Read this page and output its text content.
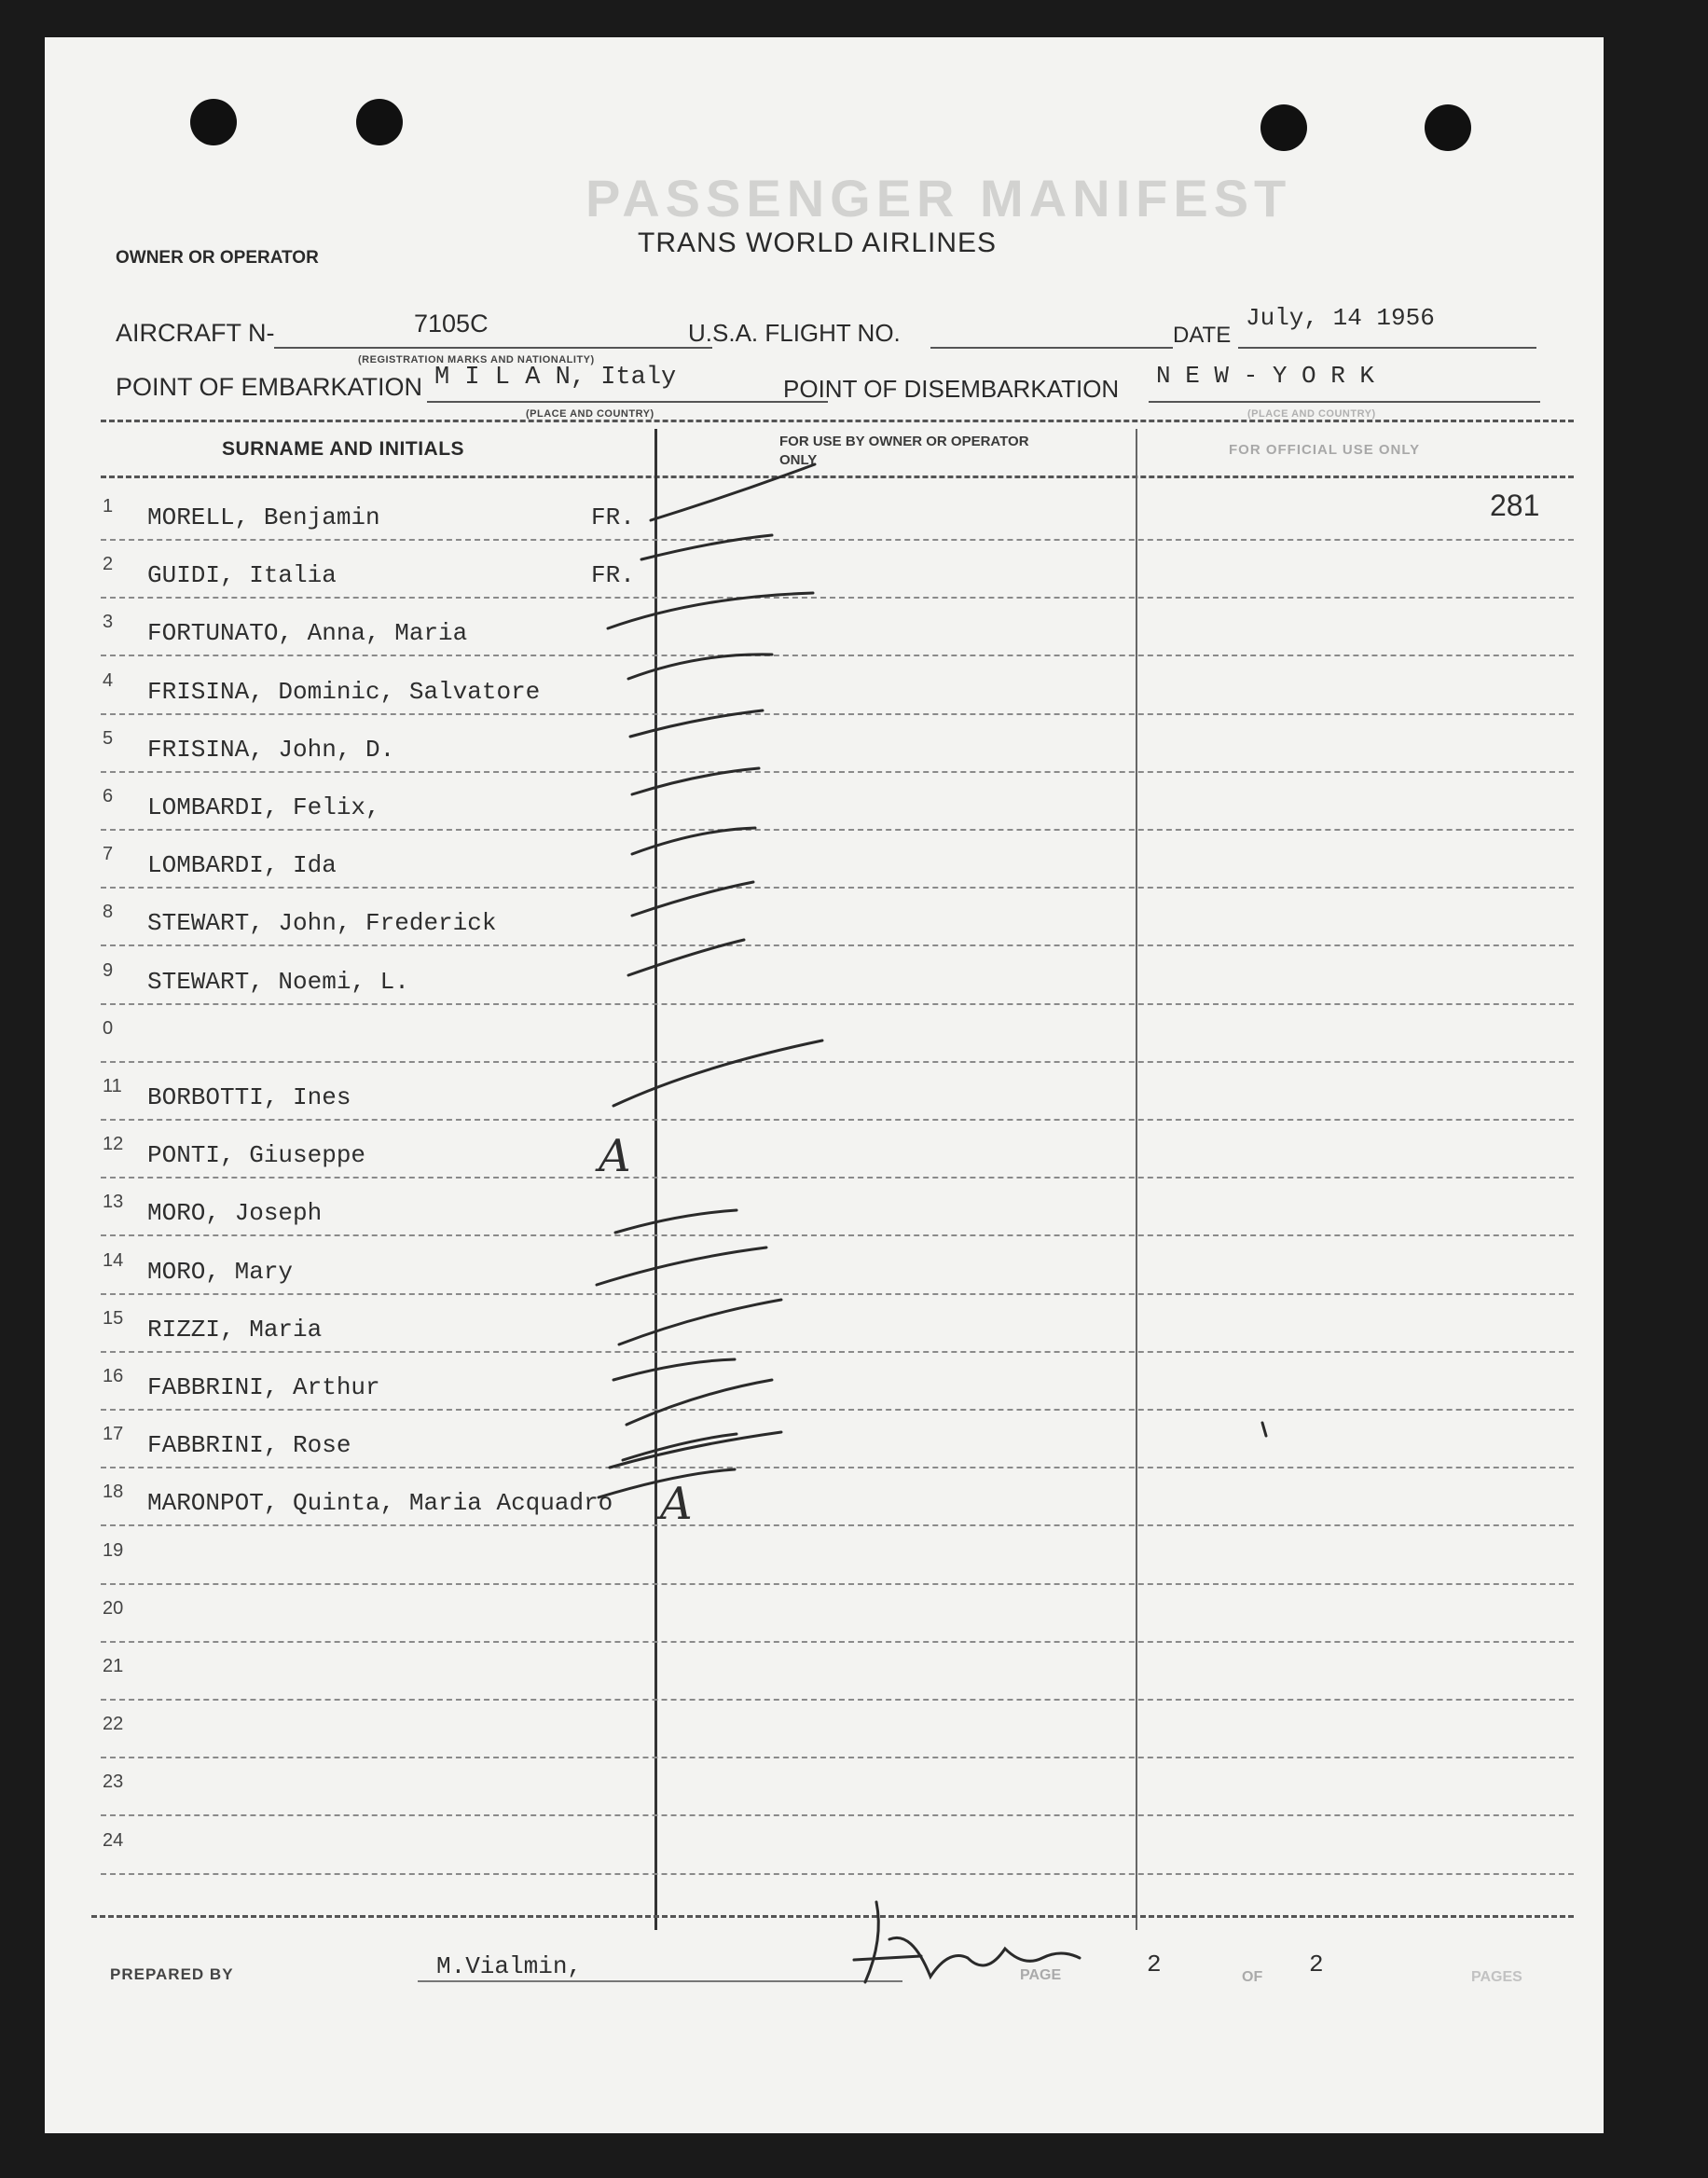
PASSENGER MANIFEST
TRANS WORLD AIRLINES
OWNER OR OPERATOR
AIRCRAFT N-	7105C
(REGISTRATION MARKS AND NATIONALITY)
U.S.A. FLIGHT NO.	DATE
July, 14 1956
POINT OF EMBARKATION M I L A N, Italy
(PLACE AND COUNTRY)
POINT OF DISEMBARKATION N E W - Y O R K
(PLACE AND COUNTRY)
SURNAME AND INITIALS	FOR USE BY OWNER OR OPERATOR ONLY
FOR OFFICIAL USE ONLY
281
1 MORELL, Benjamin	FR.
2 GUIDI, Italia	FR.
3 FORTUNATO, Anna, Maria
4 FRISINA, Dominic, Salvatore
5 FRISINA, John, D.
6 LOMBARDI, Felix,
7 LOMBARDI, Ida
8 STEWART, John, Frederick
9 STEWART, Noemi, L.
0
11 BORBOTTI, Ines
12 PONTI, Giuseppe	A
13 MORO, Joseph
14 MORO, Mary
15 RIZZI, Maria
16 FABBRINI, Arthur
17 FABBRINI, Rose
18 MARONPOT, Quinta, Maria Acquadro A
19
20
21
22
23
24
PREPARED BY	M.Vialmin,	PAGE	2	OF 2	PAGES
